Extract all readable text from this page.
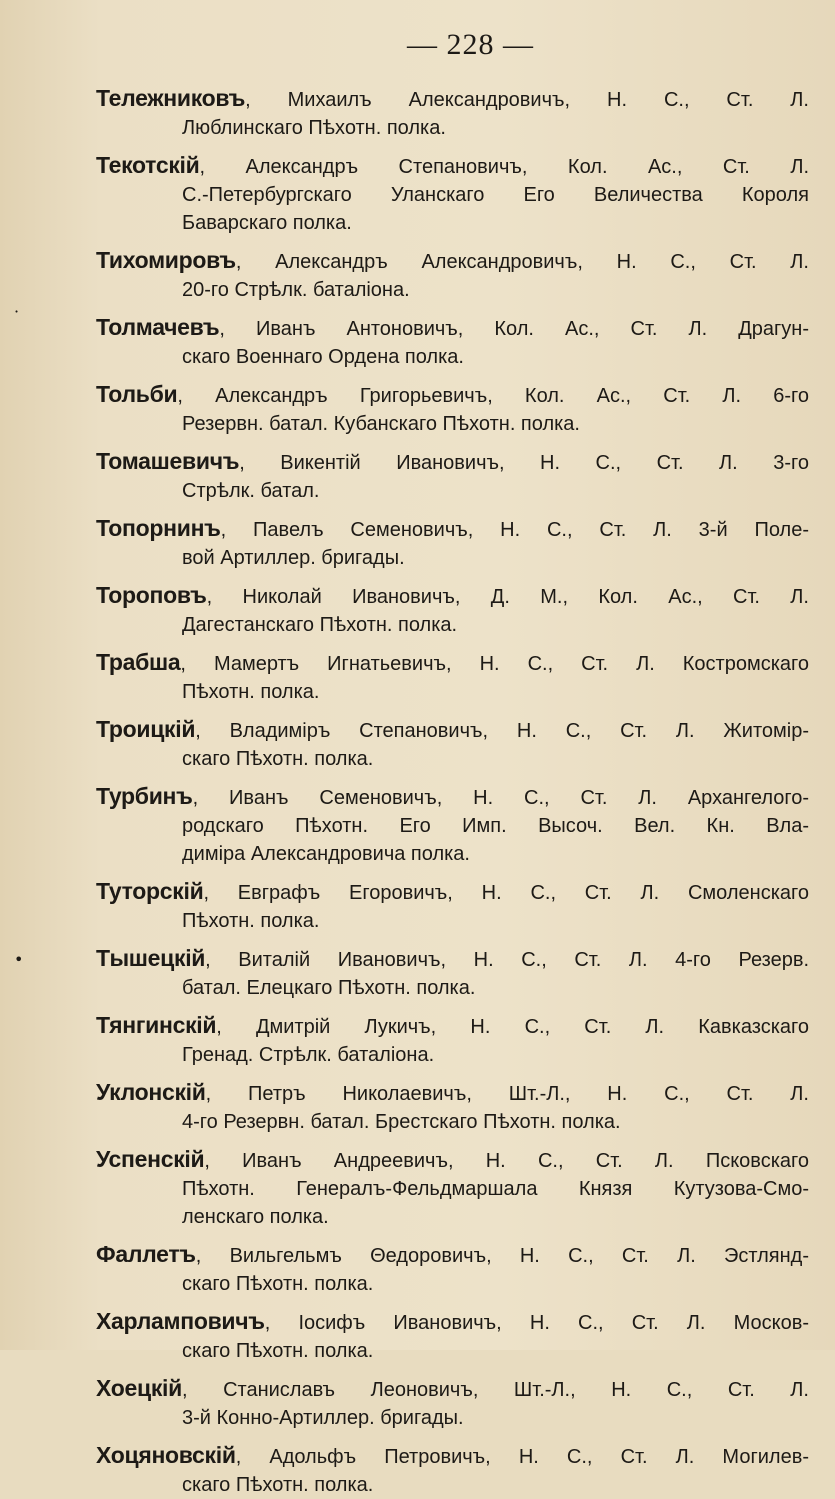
— 228 —
·
•
Тележниковъ, Михаилъ Александровичъ, Н. С., Ст. Л.
Люблинскаго Пѣхотн. полка.
Текотскій, Александръ Степановичъ, Кол. Ас., Ст. Л.
С.-Петербургскаго Уланскаго Его Величества Короля
Баварскаго полка.
Тихомировъ, Александръ Александровичъ, Н. С., Ст. Л.
20-го Стрѣлк. баталіона.
Толмачевъ, Иванъ Антоновичъ, Кол. Ас., Ст. Л. Драгун-
скаго Военнаго Ордена полка.
Тольби, Александръ Григорьевичъ, Кол. Ас., Ст. Л. 6-го
Резервн. батал. Кубанскаго Пѣхотн. полка.
Томашевичъ, Викентій Ивановичъ, Н. С., Ст. Л. 3-го
Стрѣлк. батал.
Топорнинъ, Павелъ Семеновичъ, Н. С., Ст. Л. 3-й Поле-
вой Артиллер. бригады.
Тороповъ, Николай Ивановичъ, Д. М., Кол. Ас., Ст. Л.
Дагестанскаго Пѣхотн. полка.
Трабша, Мамертъ Игнатьевичъ, Н. С., Ст. Л. Костромскаго
Пѣхотн. полка.
Троицкій, Владиміръ Степановичъ, Н. С., Ст. Л. Житомір-
скаго Пѣхотн. полка.
Турбинъ, Иванъ Семеновичъ, Н. С., Ст. Л. Архангелого-
родскаго Пѣхотн. Его Имп. Высоч. Вел. Кн. Вла-
диміра Александровича полка.
Туторскій, Евграфъ Егоровичъ, Н. С., Ст. Л. Смоленскаго
Пѣхотн. полка.
Тышецкій, Виталій Ивановичъ, Н. С., Ст. Л. 4-го Резерв.
батал. Елецкаго Пѣхотн. полка.
Тянгинскій, Дмитрій Лукичъ, Н. С., Ст. Л. Кавказскаго
Гренад. Стрѣлк. баталіона.
Уклонскій, Петръ Николаевичъ, Шт.-Л., Н. С., Ст. Л.
4-го Резервн. батал. Брестскаго Пѣхотн. полка.
Успенскій, Иванъ Андреевичъ, Н. С., Ст. Л. Псковскаго
Пѣхотн. Генералъ-Фельдмаршала Князя Кутузова-Смо-
ленскаго полка.
Фаллетъ, Вильгельмъ Θедоровичъ, Н. С., Ст. Л. Эстлянд-
скаго Пѣхотн. полка.
Харламповичъ, Іосифъ Ивановичъ, Н. С., Ст. Л. Москов-
скаго Пѣхотн. полка.
Хоецкій, Станиславъ Леоновичъ, Шт.-Л., Н. С., Ст. Л.
3-й Конно-Артиллер. бригады.
Хоцяновскій, Адольфъ Петровичъ, Н. С., Ст. Л. Могилев-
скаго Пѣхотн. полка.
